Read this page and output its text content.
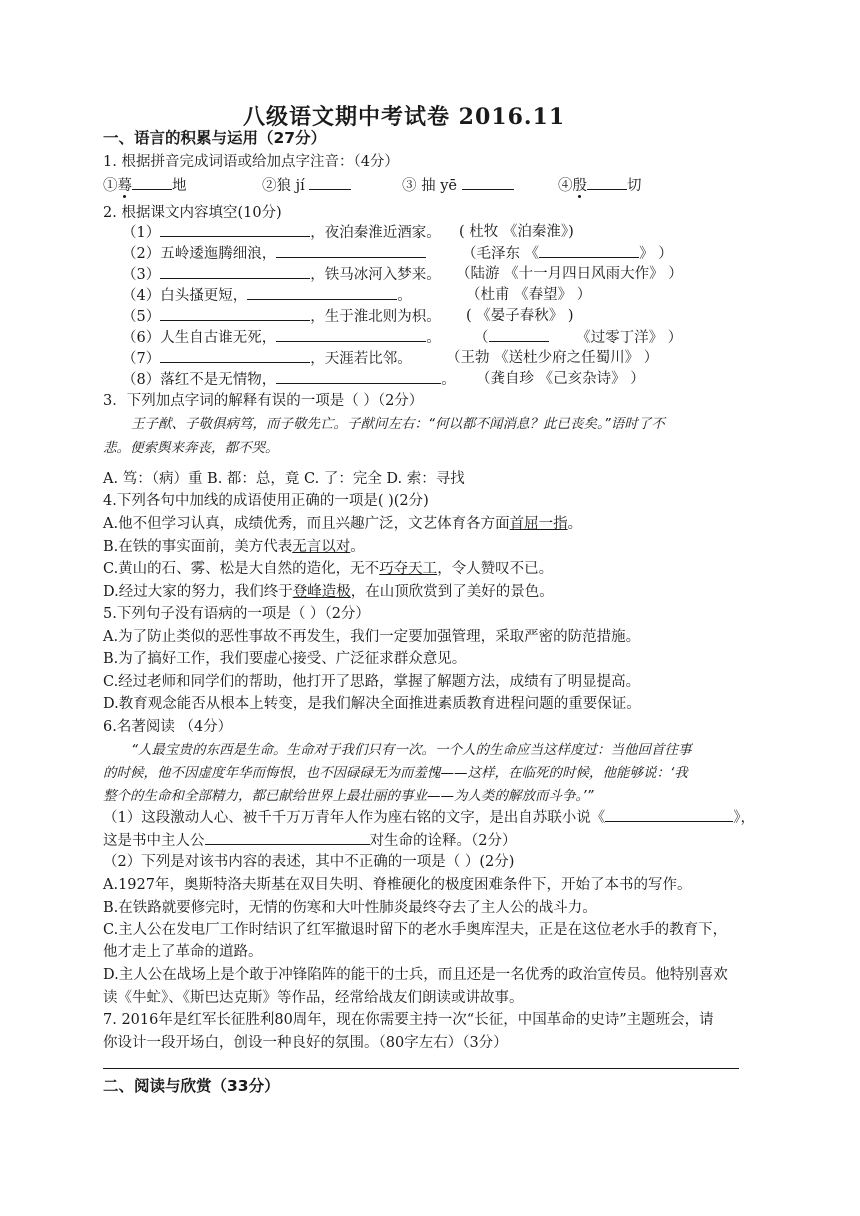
八级语文期中考试卷 2016.11
一、语言的积累与运用（27分）
1. 根据拼音完成词语或给加点字注音：（4分）
①蓦	地	②狼 jí	③ 抽 yē	④殷	切
2. 根据课文内容填空(10分)
（1）	，夜泊秦淮近酒家。 ( 杜牧 《泊秦淮》)
（2）五岭逶迤腾细浪，	（毛泽东 《	》 ）
（3）	，铁马冰河入梦来。 （陆游 《十一月四日风雨大作》 ）
（4）白头搔更短，	。	（杜甫 《春望》 ）
（5）	，生于淮北则为枳。 ( 《晏子春秋》 )
（6）人生自古谁无死，	。 （	《过零丁洋》 ）
（7）	，天涯若比邻。 （王勃 《送杜少府之任蜀川》 ）
（8）落红不是无情物，	。 （龚自珍 《己亥杂诗》 ）
3．下列加点字词的解释有误的一项是（ ）（2分）
王子猷、子敬俱病笃，而子敬先亡。子猷问左右：“何以都不闻消息？此已丧矣。”语时了不
悲。便索舆来奔丧，都不哭。
A. 笃：（病）重 B. 都：总，竟 C. 了：完全 D. 索：寻找
4.下列各句中加线的成语使用正确的一项是( )(2分)
A.他不但学习认真，成绩优秀，而且兴趣广泛，文艺体育各方面首屈一指。
B.在铁的事实面前，美方代表无言以对。
C.黄山的石、雾、松是大自然的造化，无不巧夺天工，令人赞叹不已。
D.经过大家的努力，我们终于登峰造极，在山顶欣赏到了美好的景色。
5.下列句子没有语病的一项是（ ）（2分）
A.为了防止类似的恶性事故不再发生，我们一定要加强管理，采取严密的防范措施。
B.为了搞好工作，我们要虚心接受、广泛征求群众意见。
C.经过老师和同学们的帮助，他打开了思路，掌握了解题方法，成绩有了明显提高。
D.教育观念能否从根本上转变，是我们解决全面推进素质教育进程问题的重要保证。
6.名著阅读 （4分）
“人最宝贵的东西是生命。生命对于我们只有一次。一个人的生命应当这样度过：当他回首往事
的时候，他不因虚度年华而悔恨，也不因碌碌无为而羞愧——这样，在临死的时候，他能够说：‘我
整个的生命和全部精力，都已献给世界上最壮丽的事业——为人类的解放而斗争。’”
（1）这段激动人心、被千千万万青年人作为座右铭的文字，是出自苏联小说《	》，
这是书中主人公	对生命的诠释。（2分）
（2）下列是对该书内容的表述，其中不正确的一项是（ ）(2分)
A.1927年，奥斯特洛夫斯基在双目失明、脊椎硬化的极度困难条件下，开始了本书的写作。
B.在铁路就要修完时，无情的伤寒和大叶性肺炎最终夺去了主人公的战斗力。
C.主人公在发电厂工作时结识了红军撤退时留下的老水手奥库涅夫，正是在这位老水手的教育下，
他才走上了革命的道路。
D.主人公在战场上是个敢于冲锋陷阵的能干的士兵，而且还是一名优秀的政治宣传员。他特别喜欢
读《牛虻》、《斯巴达克斯》等作品，经常给战友们朗读或讲故事。
7. 2016年是红军长征胜利80周年，现在你需要主持一次“长征，中国革命的史诗”主题班会，请
你设计一段开场白，创设一种良好的氛围。（80字左右）（3分）
二、阅读与欣赏（33分）
